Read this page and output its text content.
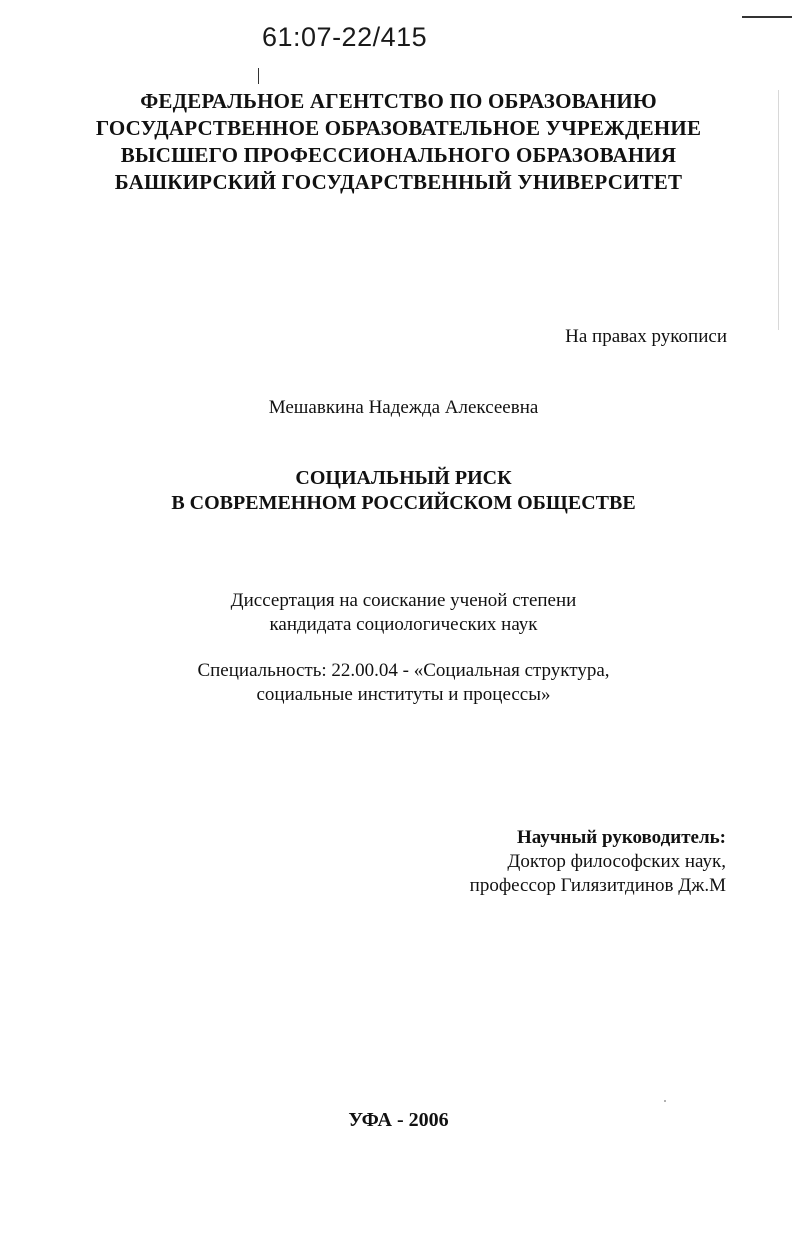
61:07-22/415
ФЕДЕРАЛЬНОЕ АГЕНТСТВО ПО ОБРАЗОВАНИЮ
ГОСУДАРСТВЕННОЕ ОБРАЗОВАТЕЛЬНОЕ УЧРЕЖДЕНИЕ
ВЫСШЕГО ПРОФЕССИОНАЛЬНОГО ОБРАЗОВАНИЯ
БАШКИРСКИЙ ГОСУДАРСТВЕННЫЙ УНИВЕРСИТЕТ
На правах рукописи
Мешавкина Надежда Алексеевна
СОЦИАЛЬНЫЙ РИСК
В СОВРЕМЕННОМ РОССИЙСКОМ ОБЩЕСТВЕ
Диссертация на соискание ученой степени
кандидата социологических наук
Специальность: 22.00.04 - «Социальная структура,
социальные институты и процессы»
Научный руководитель:
Доктор философских наук,
профессор Гилязитдинов Дж.М
УФА - 2006
